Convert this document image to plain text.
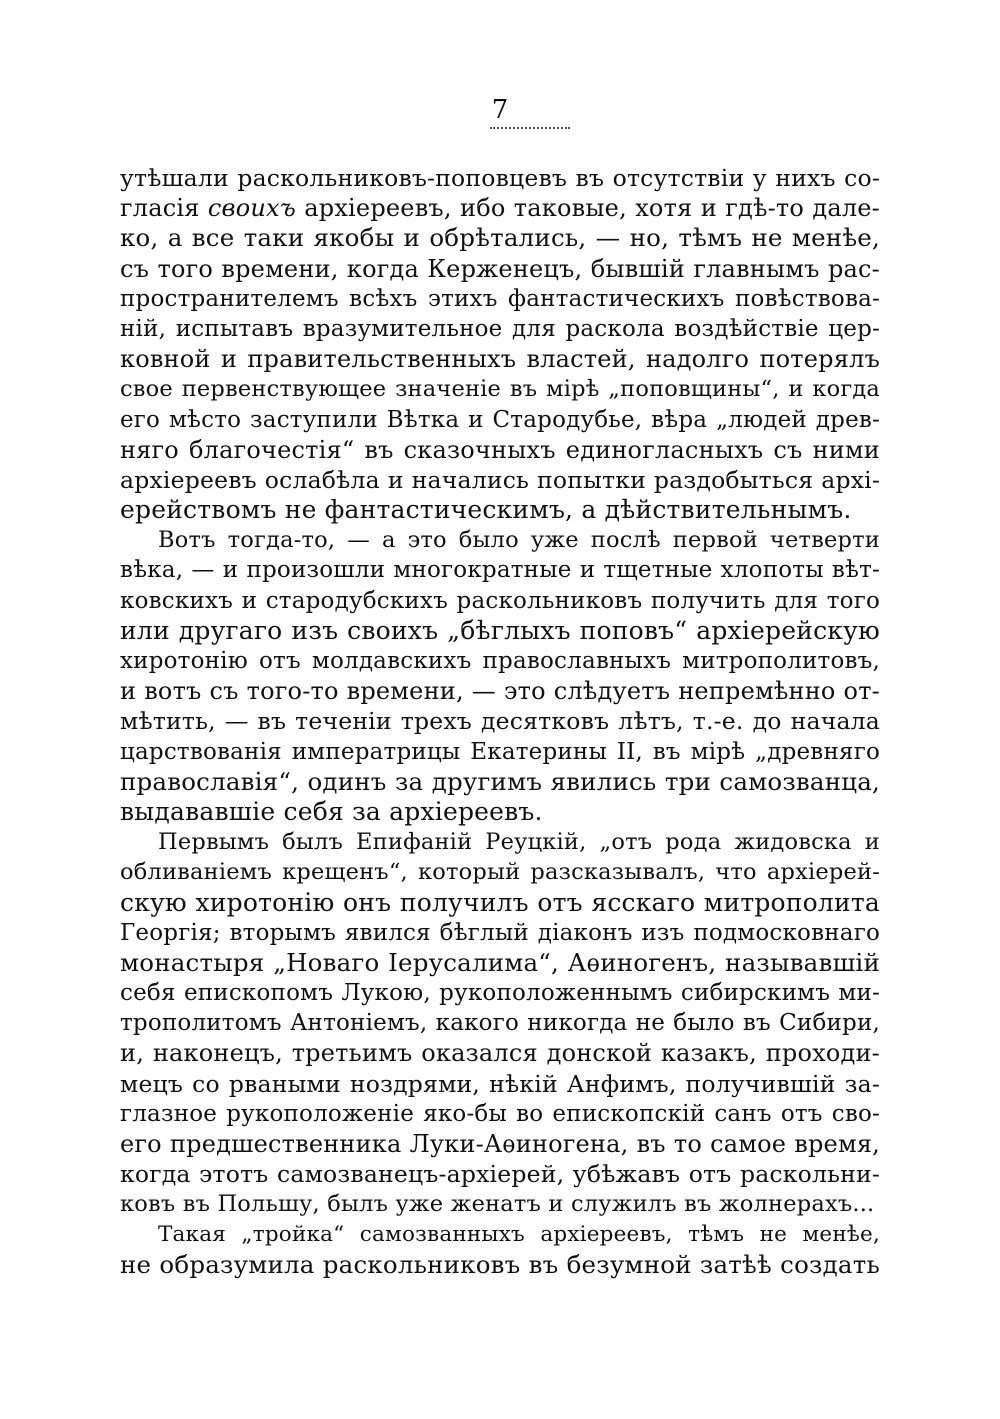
7
утѣшали раскольниковъ-поповцевъ въ отсутствіи у нихъ со-
гласія своихъ архіереевъ, ибо таковые, хотя и гдѣ-то дале-
ко, а все таки якобы и обрѣтались, — но, тѣмъ не менѣе,
съ того времени, когда Керженецъ, бывшій главнымъ рас-
пространителемъ всѣхъ этихъ фантастическихъ повѣствова-
ній, испытавъ вразумительное для раскола воздѣйствіе цер-
ковной и правительственныхъ властей, надолго потерялъ
свое первенствующее значеніе въ мірѣ „поповщины“, и когда
его мѣсто заступили Вѣтка и Стародубье, вѣра „людей древ-
няго благочестія“ въ сказочныхъ единогласныхъ съ ними
архіереевъ ослабѣла и начались попытки раздобыться архі-
ерействомъ не фантастическимъ, а дѣйствительнымъ.
Вотъ тогда-то, — а это было уже послѣ первой четверти
вѣка, — и произошли многократные и тщетные хлопоты вѣт-
ковскихъ и стародубскихъ раскольниковъ получить для того
или другаго изъ своихъ „бѣглыхъ поповъ“ архіерейскую
хиротонію отъ молдавскихъ православныхъ митрополитовъ,
и вотъ съ того-то времени, — это слѣдуетъ непремѣнно от-
мѣтить, — въ теченіи трехъ десятковъ лѣтъ, т.-е. до начала
царствованія императрицы Екатерины II, въ мірѣ „древняго
православія“, одинъ за другимъ явились три самозванца,
выдававшіе себя за архіереевъ.
Первымъ былъ Епифаній Реуцкій, „отъ рода жидовска и
обливаніемъ крещенъ“, который разсказывалъ, что архіерей-
скую хиротонію онъ получилъ отъ ясскаго митрополита
Георгія; вторымъ явился бѣглый діаконъ изъ подмосковнаго
монастыря „Новаго Іерусалима“, Аѳиногенъ, называвшій
себя епископомъ Лукою, рукоположеннымъ сибирскимъ ми-
трополитомъ Антоніемъ, какого никогда не было въ Сибири,
и, наконецъ, третьимъ оказался донской казакъ, проходи-
мецъ со рваными ноздрями, нѣкій Анфимъ, получившій за-
глазное рукоположеніе яко-бы во епископскій санъ отъ сво-
его предшественника Луки-Аѳиногена, въ то самое время,
когда этотъ самозванецъ-архіерей, убѣжавъ отъ раскольни-
ковъ въ Польшу, былъ уже женатъ и служилъ въ жолнерахъ...
Такая „тройка“ самозванныхъ архіереевъ, тѣмъ не менѣе,
не образумила раскольниковъ въ безумной затѣѣ создать
